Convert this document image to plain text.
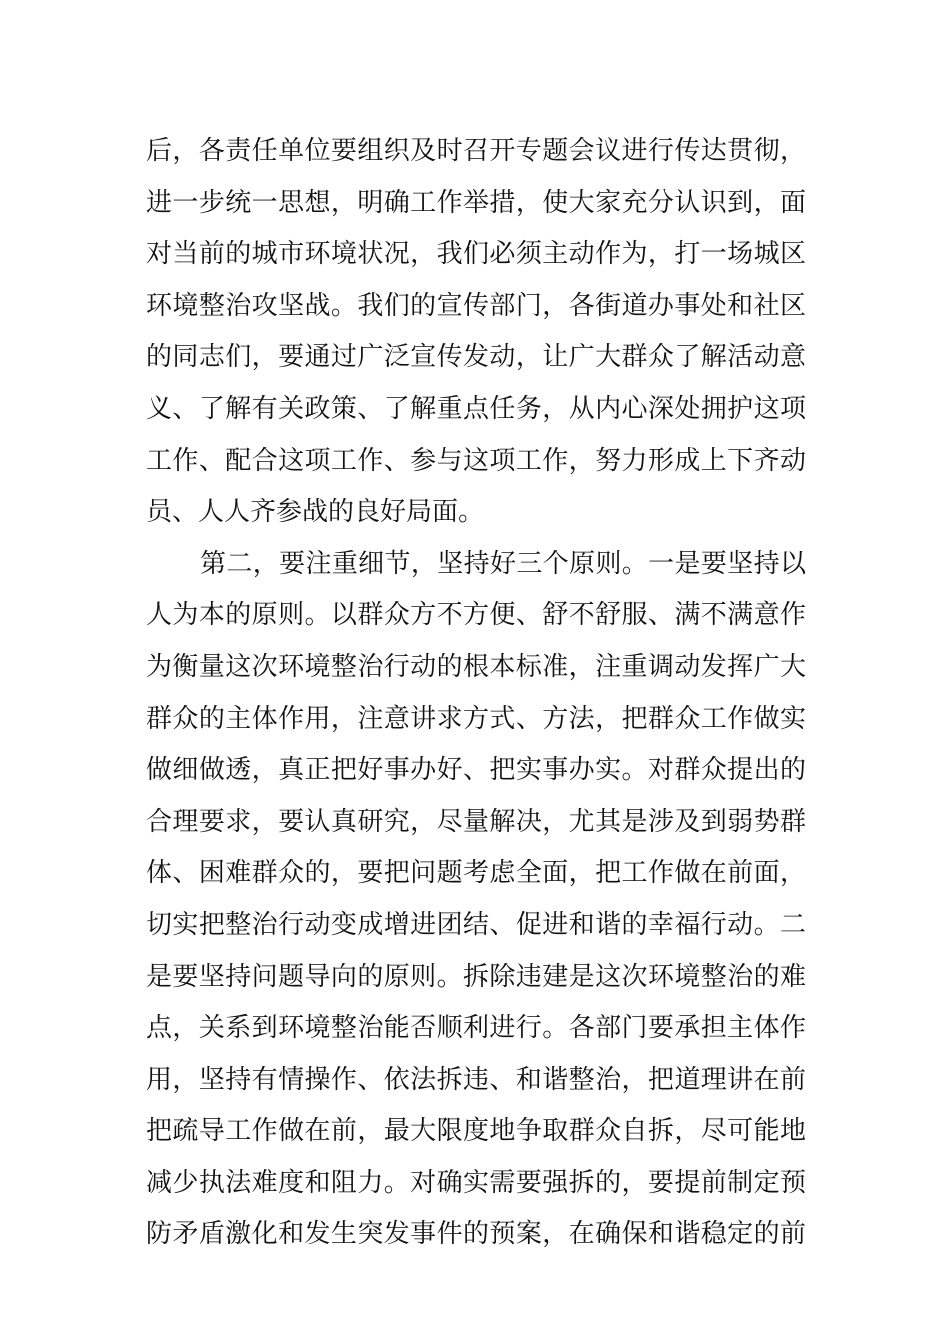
后，各责任单位要组织及时召开专题会议进行传达贯彻，
进一步统一思想，明确工作举措，使大家充分认识到，面
对当前的城市环境状况，我们必须主动作为，打一场城区
环境整治攻坚战。我们的宣传部门，各街道办事处和社区
的同志们，要通过广泛宣传发动，让广大群众了解活动意
义、了解有关政策、了解重点任务，从内心深处拥护这项
工作、配合这项工作、参与这项工作，努力形成上下齐动
员、人人齐参战的良好局面。
第二，要注重细节，坚持好三个原则。一是要坚持以
人为本的原则。以群众方不方便、舒不舒服、满不满意作
为衡量这次环境整治行动的根本标准，注重调动发挥广大
群众的主体作用，注意讲求方式、方法，把群众工作做实
做细做透，真正把好事办好、把实事办实。对群众提出的
合理要求，要认真研究，尽量解决，尤其是涉及到弱势群
体、困难群众的，要把问题考虑全面，把工作做在前面，
切实把整治行动变成增进团结、促进和谐的幸福行动。二
是要坚持问题导向的原则。拆除违建是这次环境整治的难
点，关系到环境整治能否顺利进行。各部门要承担主体作
用，坚持有情操作、依法拆违、和谐整治，把道理讲在前
把疏导工作做在前，最大限度地争取群众自拆，尽可能地
减少执法难度和阻力。对确实需要强拆的，要提前制定预
防矛盾激化和发生突发事件的预案，在确保和谐稳定的前
